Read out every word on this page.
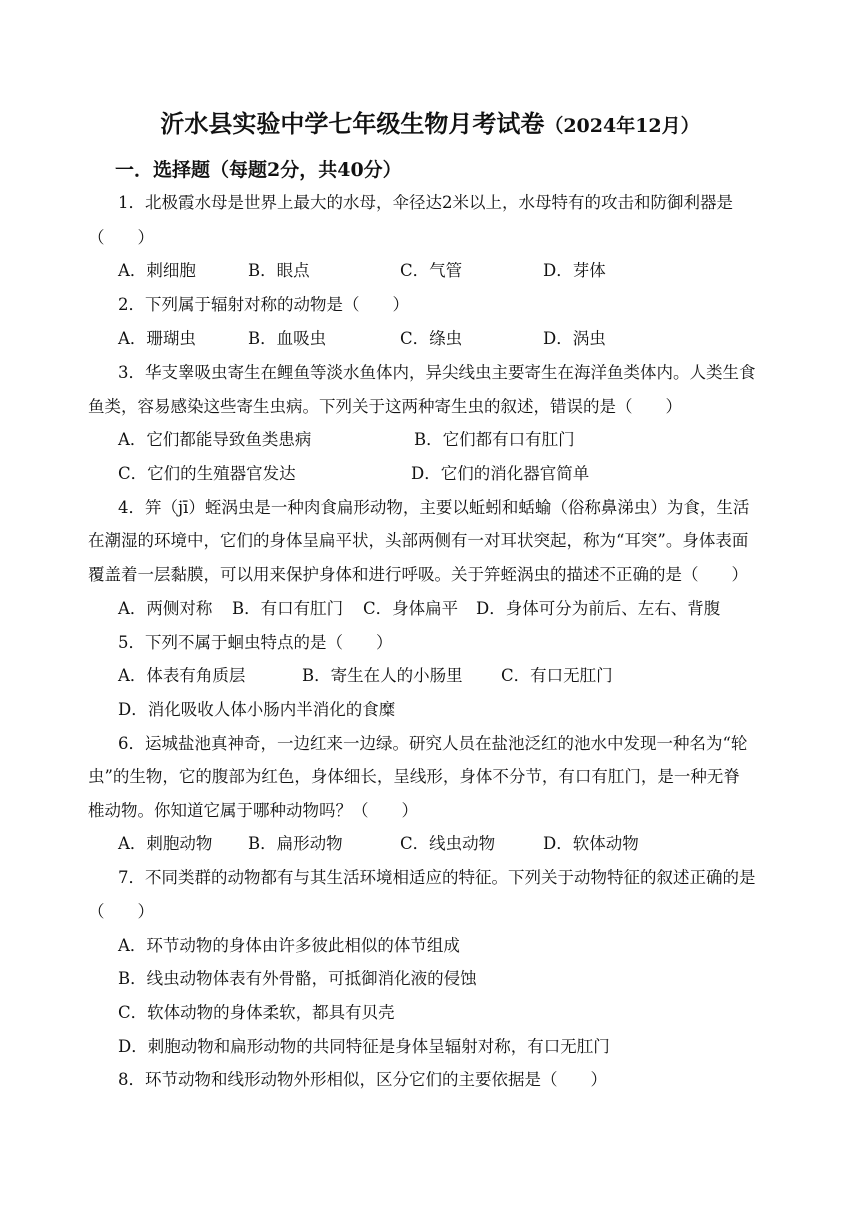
沂水县实验中学七年级生物月考试卷（2024年12月）
一．选择题（每题2分，共40分）
1．北极霞水母是世界上最大的水母，伞径达2米以上，水母特有的攻击和防御利器是
（　　）
A．刺细胞	B．眼点	C．气管	D．芽体
2．下列属于辐射对称的动物是（　　）
A．珊瑚虫	B．血吸虫	C．绦虫	D．涡虫
3．华支睾吸虫寄生在鲤鱼等淡水鱼体内，异尖线虫主要寄生在海洋鱼类体内。人类生食
鱼类，容易感染这些寄生虫病。下列关于这两种寄生虫的叙述，错误的是（　　）
A．它们都能导致鱼类患病	B．它们都有口有肛门
C．它们的生殖器官发达	D．它们的消化器官简单
4．笄（jī）蛭涡虫是一种肉食扁形动物，主要以蚯蚓和蛞蝓（俗称鼻涕虫）为食，生活
在潮湿的环境中，它们的身体呈扁平状，头部两侧有一对耳状突起，称为“耳突”。身体表面
覆盖着一层黏膜，可以用来保护身体和进行呼吸。关于笄蛭涡虫的描述不正确的是（　　）
A．两侧对称 B．有口有肛门 C．身体扁平 D．身体可分为前后、左右、背腹
5．下列不属于蛔虫特点的是（　　）
A．体表有角质层	B．寄生在人的小肠里 C．有口无肛门
D．消化吸收人体小肠内半消化的食糜
6．运城盐池真神奇，一边红来一边绿。研究人员在盐池泛红的池水中发现一种名为“轮
虫”的生物，它的腹部为红色，身体细长，呈线形，身体不分节，有口有肛门，是一种无脊
椎动物。你知道它属于哪种动物吗？（　　）
A．刺胞动物 B．扁形动物	C．线虫动物	D．软体动物
7．不同类群的动物都有与其生活环境相适应的特征。下列关于动物特征的叙述正确的是
（　　）
A．环节动物的身体由许多彼此相似的体节组成
B．线虫动物体表有外骨骼，可抵御消化液的侵蚀
C．软体动物的身体柔软，都具有贝壳
D．刺胞动物和扁形动物的共同特征是身体呈辐射对称，有口无肛门
8．环节动物和线形动物外形相似，区分它们的主要依据是（　　）
